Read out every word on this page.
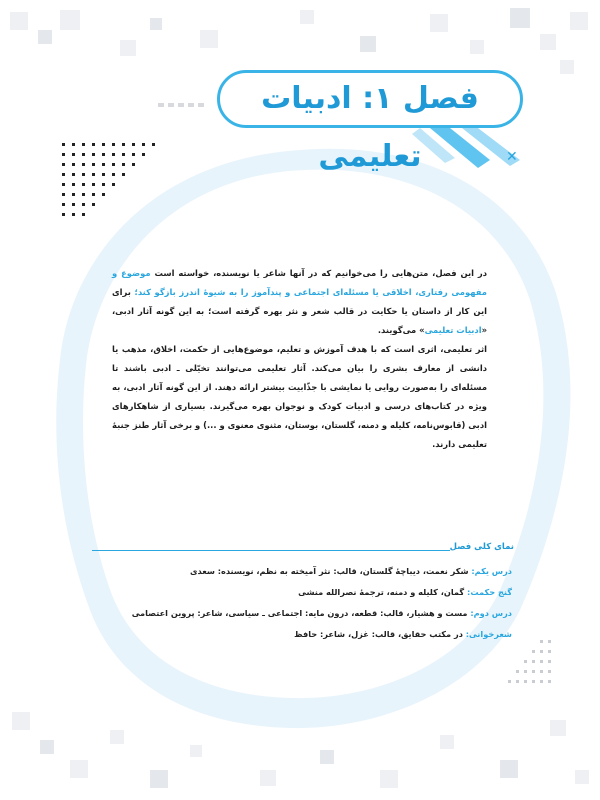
✕
فصل ۱: ادبیات تعلیمی
در این فصل، متن‌هایی را می‌خوانیم که در آنها شاعر یا نویسنده، خواسته است موضوع و مفهومی رفتاری، اخلاقی یا مسئله‌ای اجتماعی و پندآموز را به شیوهٔ اندرز بازگو کند؛ برای این کار از داستان یا حکایت در قالب شعر و نثر بهره گرفته است؛ به این گونه آثار ادبی، «ادبیات تعلیمی» می‌گویند.
اثر تعلیمی، اثری است که با هدف آموزش و تعلیم، موضوع‌هایی از حکمت، اخلاق، مذهب یا دانشی از معارف بشری را بیان می‌کند. آثار تعلیمی می‌توانند تخیّلی ـ ادبی باشند تا مسئله‌ای را به‌صورت روایی یا نمایشی با جذّابیت بیشتر ارائه دهند. از این گونه آثار ادبی، به ویژه در کتاب‌های درسی و ادبیات کودک و نوجوان بهره می‌گیرند. بسیاری از شاهکارهای ادبی (قابوس‌نامه، کلیله و دمنه، گلستان، بوستان، مثنوی معنوی و ...) و برخی آثار طنز جنبهٔ تعلیمی دارند.
نمای کلی فصل
درس یکم: شکر نعمت، دیباچهٔ گلستان، قالب: نثر آمیخته به نظم، نویسنده: سعدی
گنج حکمت: گمان، کلیله و دمنه، ترجمهٔ نصرالله منشی
درس دوم: مست و هشیار، قالب: قطعه، درون مایه: اجتماعی ـ سیاسی، شاعر: پروین اعتصامی
شعرخوانی: در مکتب حقایق، قالب: غزل، شاعر: حافظ
